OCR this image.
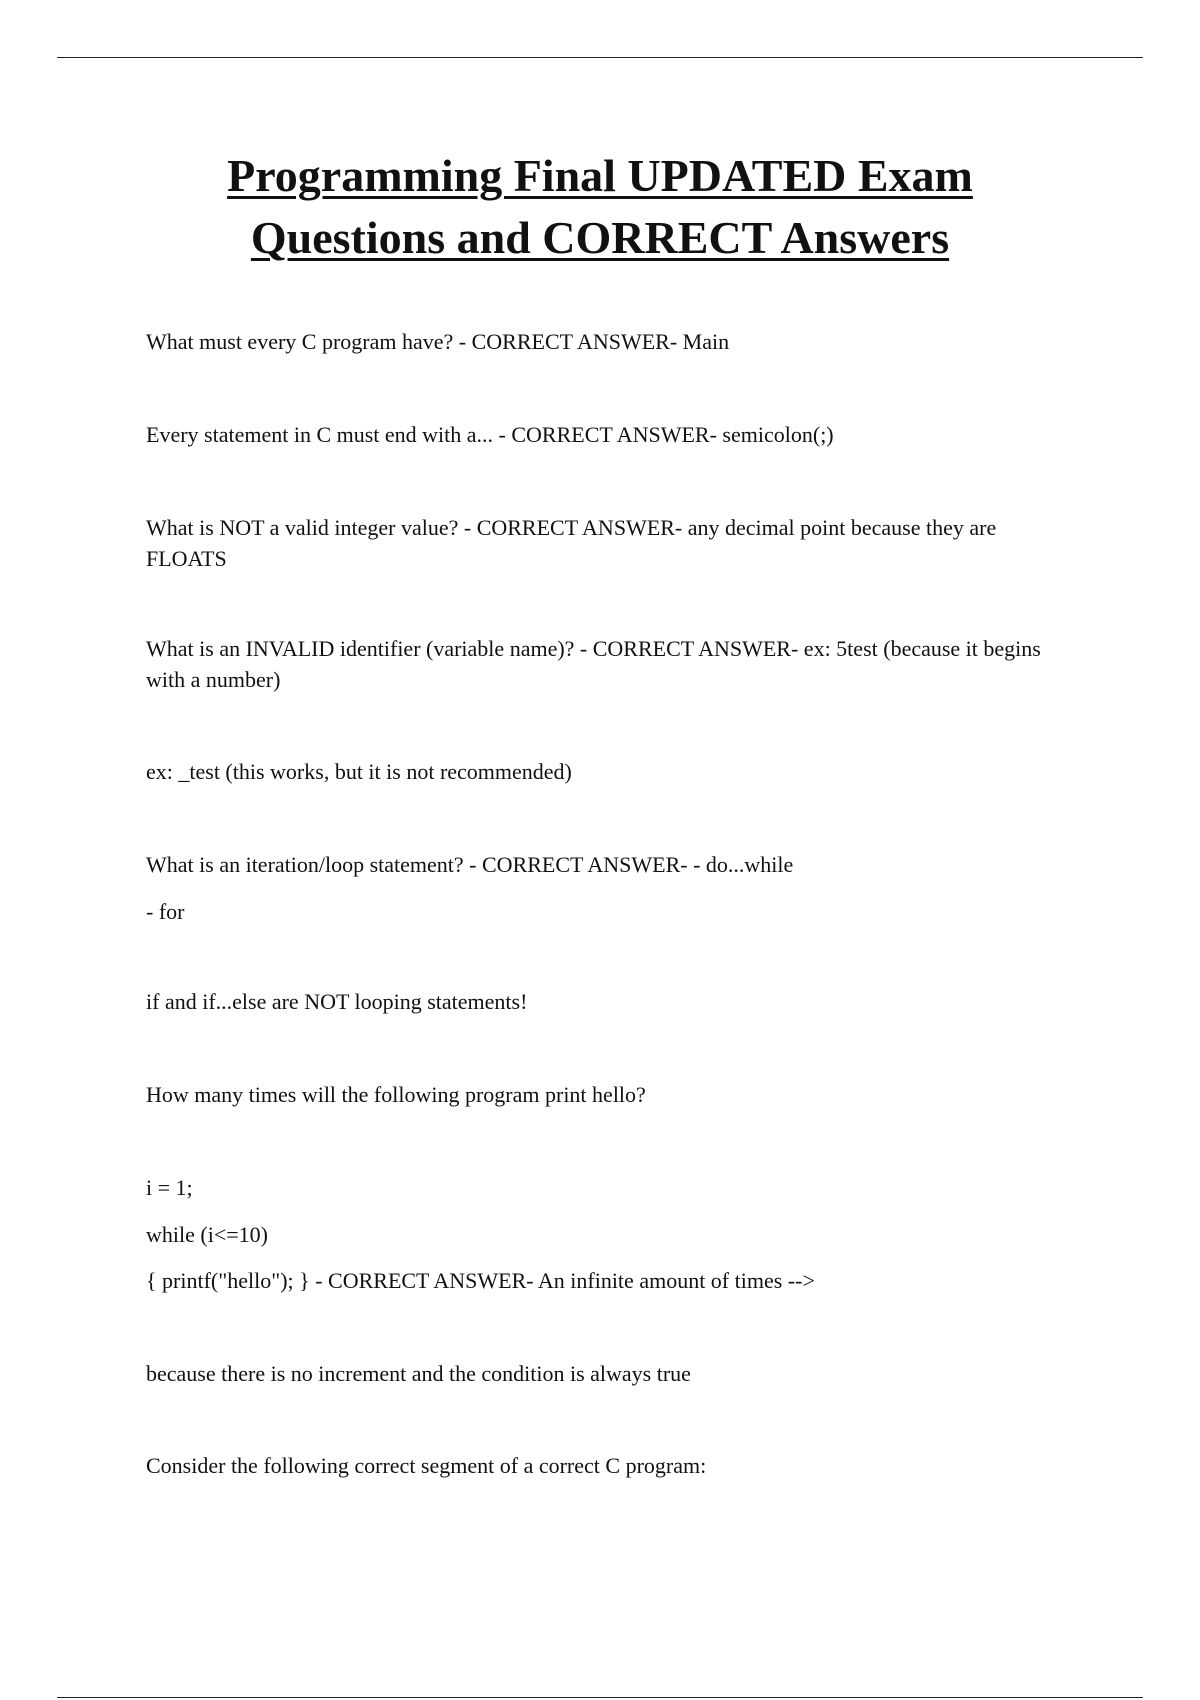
Programming Final UPDATED Exam
Questions and CORRECT Answers

What must every C program have? - CORRECT ANSWER- Main

Every statement in C must end with a... - CORRECT ANSWER- semicolon(;)

What is NOT a valid integer value? - CORRECT ANSWER- any decimal point because they are FLOATS

What is an INVALID identifier (variable name)? - CORRECT ANSWER- ex: 5test (because it begins with a number)

ex: _test (this works, but it is not recommended)

What is an iteration/loop statement? - CORRECT ANSWER- - do...while

- for

if and if...else are NOT looping statements!

How many times will the following program print hello?

i = 1;

while (i<=10)

{ printf("hello"); } - CORRECT ANSWER- An infinite amount of times -->

because there is no increment and the condition is always true

Consider the following correct segment of a correct C program:
